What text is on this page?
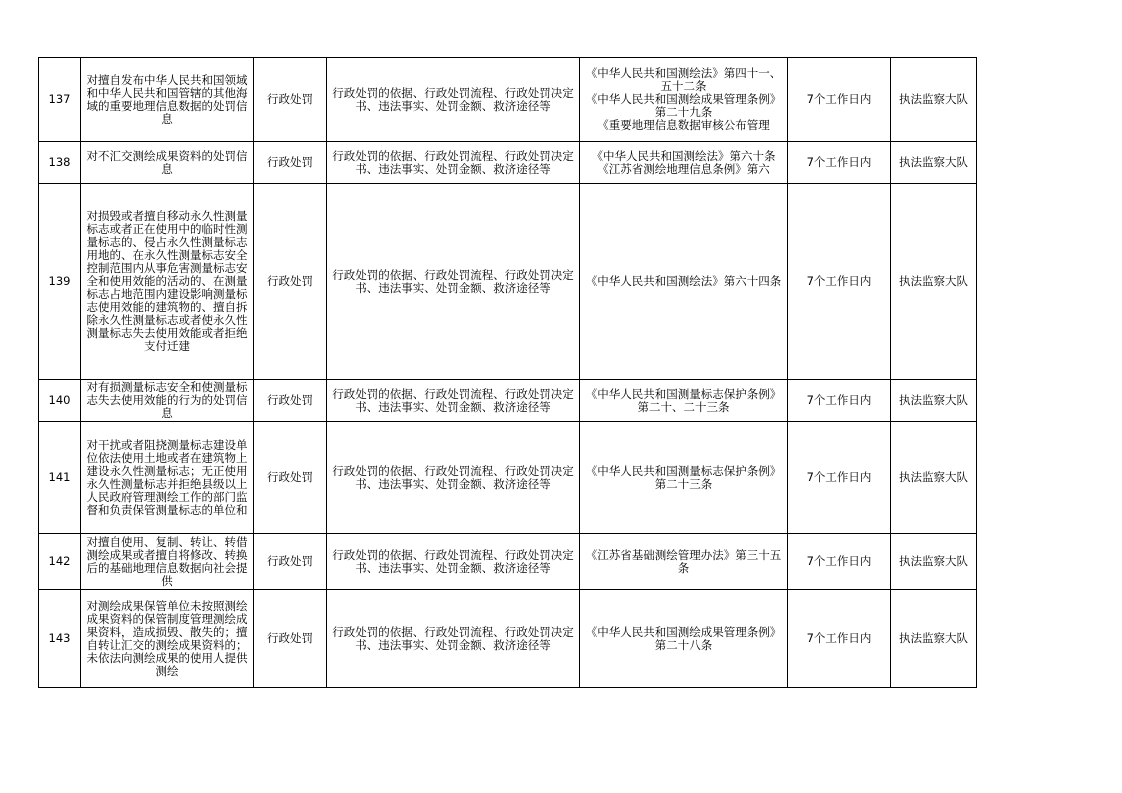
137	对擅自发布中华人民共和国领域和中华人民共和国管辖的其他海域的重要地理信息数据的处罚信息	行政处罚	行政处罚的依据、行政处罚流程、行政处罚决定书、违法事实、处罚金额、救济途径等	《中华人民共和国测绘法》第四十一、五十二条
《中华人民共和国测绘成果管理条例》第二十九条
《重要地理信息数据审核公布管理	7个工作日内	执法监察大队
138	对不汇交测绘成果资料的处罚信息	行政处罚	行政处罚的依据、行政处罚流程、行政处罚决定书、违法事实、处罚金额、救济途径等	《中华人民共和国测绘法》第六十条
《江苏省测绘地理信息条例》第六	7个工作日内	执法监察大队
139	对损毁或者擅自移动永久性测量标志或者正在使用中的临时性测量标志的、侵占永久性测量标志用地的、在永久性测量标志安全控制范围内从事危害测量标志安全和使用效能的活动的、在测量标志占地范围内建设影响测量标志使用效能的建筑物的、擅自拆除永久性测量标志或者使永久性测量标志失去使用效能或者拒绝支付迁建	行政处罚	行政处罚的依据、行政处罚流程、行政处罚决定书、违法事实、处罚金额、救济途径等	《中华人民共和国测绘法》第六十四条	7个工作日内	执法监察大队
140	对有损测量标志安全和使测量标志失去使用效能的行为的处罚信息	行政处罚	行政处罚的依据、行政处罚流程、行政处罚决定书、违法事实、处罚金额、救济途径等	《中华人民共和国测量标志保护条例》第二十、二十三条	7个工作日内	执法监察大队
141	对干扰或者阻挠测量标志建设单位依法使用土地或者在建筑物上建设永久性测量标志；无正使用永久性测量标志并拒绝县级以上人民政府管理测绘工作的部门监督和负责保管测量标志的单位和	行政处罚	行政处罚的依据、行政处罚流程、行政处罚决定书、违法事实、处罚金额、救济途径等	《中华人民共和国测量标志保护条例》第二十三条	7个工作日内	执法监察大队
142	对擅自使用、复制、转让、转借测绘成果或者擅自将修改、转换后的基础地理信息数据向社会提供	行政处罚	行政处罚的依据、行政处罚流程、行政处罚决定书、违法事实、处罚金额、救济途径等	《江苏省基础测绘管理办法》第三十五条	7个工作日内	执法监察大队
143	对测绘成果保管单位未按照测绘成果资料的保管制度管理测绘成果资料，造成损毁、散失的；擅自转让汇交的测绘成果资料的；未依法向测绘成果的使用人提供测绘	行政处罚	行政处罚的依据、行政处罚流程、行政处罚决定书、违法事实、处罚金额、救济途径等	《中华人民共和国测绘成果管理条例》第二十八条	7个工作日内	执法监察大队
